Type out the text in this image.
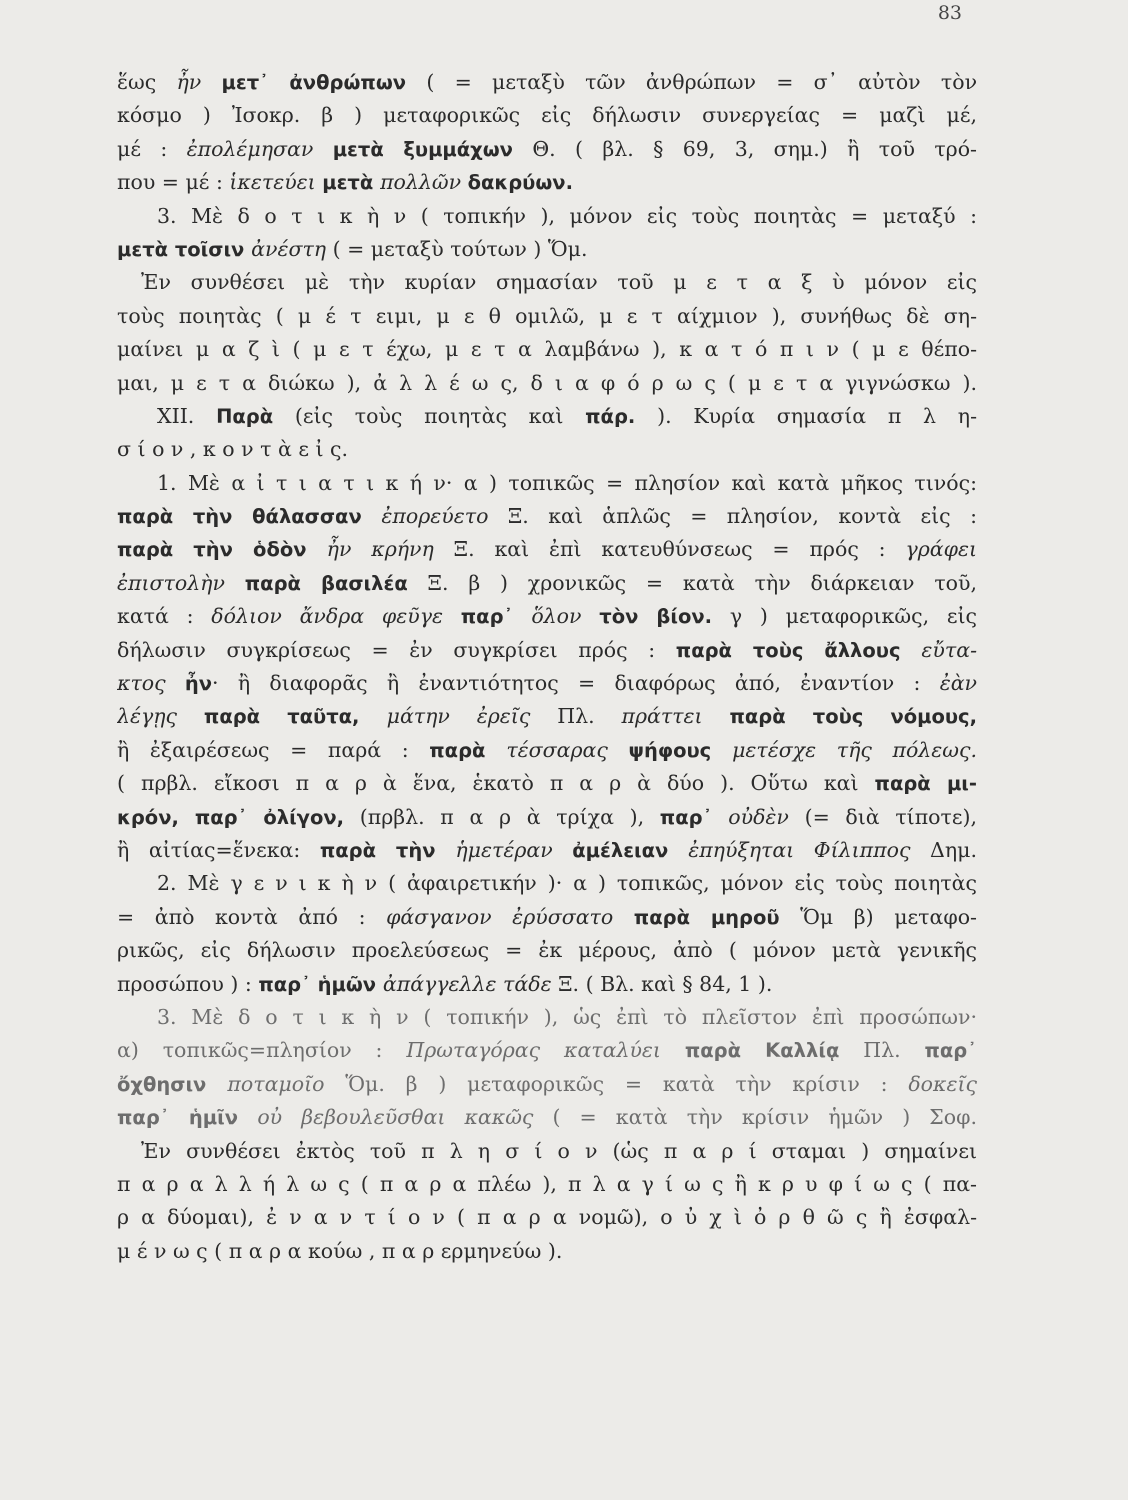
83
ἕως ἦν μετ᾽ ἀνθρώπων ( = μεταξὺ τῶν ἀνθρώπων = σ᾽ αὐτὸν τὸν
κόσμο ) Ἰσοκρ. β ) μεταφορικῶς εἰς δήλωσιν συνεργείας = μαζὶ μέ,
μέ : ἐπολέμησαν μετὰ ξυμμάχων Θ. ( βλ. § 69, 3, σημ.) ἢ τοῦ τρό-
που = μέ : ἱκετεύει μετὰ πολλῶν δακρύων.
3. Μὲ δ ο τ ι κ ὴ ν ( τοπικήν ), μόνον εἰς τοὺς ποιητὰς = μεταξύ :
μετὰ τοῖσιν ἀνέστη ( = μεταξὺ τούτων ) Ὅμ.
Ἐν συνθέσει μὲ τὴν κυρίαν σημασίαν τοῦ μ ε τ α ξ ὺ μόνον εἰς
τοὺς ποιητὰς ( μ έ τ ειμι, μ ε θ ομιλῶ, μ ε τ αίχμιον ), συνήθως δὲ ση-
μαίνει μ α ζ ὶ ( μ ε τ έχω, μ ε τ α λαμβάνω ), κ α τ ό π ι ν ( μ ε θέπο-
μαι, μ ε τ α διώκω ), ἀ λ λ έ ω ς, δ ι α φ ό ρ ω ς ( μ ε τ α γιγνώσκω ).
XII. Παρὰ (εἰς τοὺς ποιητὰς καὶ πάρ. ). Κυρία σημασία π λ η-
σ ί ο ν , κ ο ν τ ὰ ε ἰ ς.
1. Μὲ α ἰ τ ι α τ ι κ ή ν· α ) τοπικῶς = πλησίον καὶ κατὰ μῆκος τινός:
παρὰ τὴν θάλασσαν ἐπορεύετο Ξ. καὶ ἁπλῶς = πλησίον, κοντὰ εἰς :
παρὰ τὴν ὁδὸν ἦν κρήνη Ξ. καὶ ἐπὶ κατευθύνσεως = πρός : γράφει
ἐπιστολὴν παρὰ βασιλέα Ξ. β ) χρονικῶς = κατὰ τὴν διάρκειαν τοῦ,
κατά : δόλιον ἄνδρα φεῦγε παρ᾽ ὅλον τὸν βίον. γ ) μεταφορικῶς, εἰς
δήλωσιν συγκρίσεως = ἐν συγκρίσει πρός : παρὰ τοὺς ἄλλους εὔτα-
κτος ἦν· ἢ διαφορᾶς ἢ ἐναντιότητος = διαφόρως ἀπό, ἐναντίον : ἐὰν
λέγῃς παρὰ ταῦτα, μάτην ἐρεῖς Πλ. πράττει παρὰ τοὺς νόμους,
ἢ ἐξαιρέσεως = παρά : παρὰ τέσσαρας ψήφους μετέσχε τῆς πόλεως.
( πρβλ. εἴκοσι π α ρ ὰ ἕνα, ἑκατὸ π α ρ ὰ δύο ). Οὕτω καὶ παρὰ μι-
κρόν, παρ᾽ ὀλίγον, (πρβλ. π α ρ ὰ τρίχα ), παρ᾽ οὐδὲν (= διὰ τίποτε),
ἢ αἰτίας=ἕνεκα: παρὰ τὴν ἡμετέραν ἀμέλειαν ἐπηύξηται Φίλιππος Δημ.
2. Μὲ γ ε ν ι κ ὴ ν ( ἀφαιρετικήν )· α ) τοπικῶς, μόνον εἰς τοὺς ποιητὰς
= ἀπὸ κοντὰ ἀπό : φάσγανον ἐρύσσατο παρὰ μηροῦ Ὅμ β) μεταφο-
ρικῶς, εἰς δήλωσιν προελεύσεως = ἐκ μέρους, ἀπὸ ( μόνον μετὰ γενικῆς
προσώπου ) : παρ᾽ ἡμῶν ἀπάγγελλε τάδε Ξ. ( Βλ. καὶ § 84, 1 ).
3. Μὲ δ ο τ ι κ ὴ ν ( τοπικήν ), ὡς ἐπὶ τὸ πλεῖστον ἐπὶ προσώπων·
α) τοπικῶς=πλησίον : Πρωταγόρας καταλύει παρὰ Καλλίᾳ Πλ. παρ᾽
ὄχθησιν ποταμοῖο Ὅμ. β ) μεταφορικῶς = κατὰ τὴν κρίσιν : δοκεῖς
παρ᾽ ἡμῖν οὐ βεβουλεῦσθαι κακῶς ( = κατὰ τὴν κρίσιν ἡμῶν ) Σοφ.
Ἐν συνθέσει ἐκτὸς τοῦ π λ η σ ί ο ν (ὡς π α ρ ί σταμαι ) σημαίνει
π α ρ α λ λ ή λ ω ς ( π α ρ α πλέω ), π λ α γ ί ω ς ἢ κ ρ υ φ ί ω ς ( πα-
ρ α δύομαι), ἐ ν α ν τ ί ο ν ( π α ρ α νομῶ), ο ὐ χ ὶ ὀ ρ θ ῶ ς ἢ ἐσφαλ-
μ έ ν ω ς ( π α ρ α κούω , π α ρ ερμηνεύω ).
